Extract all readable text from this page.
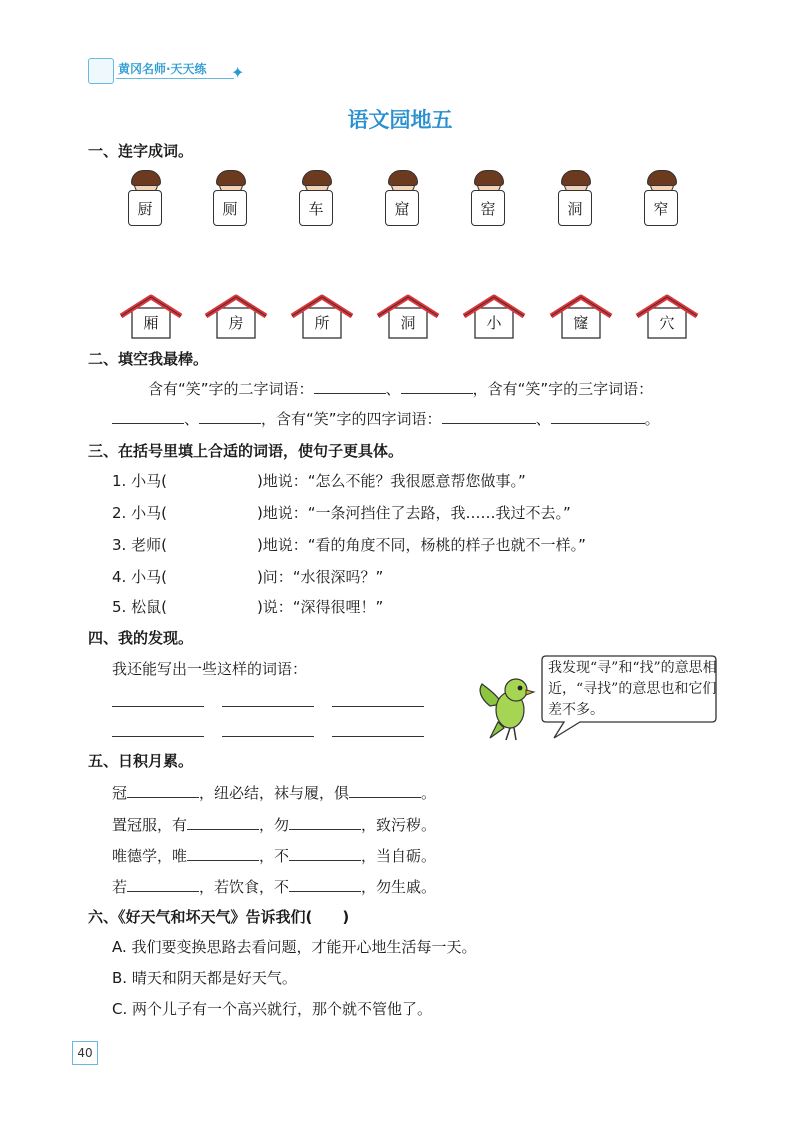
黄冈名师·天天练 ✦
语文园地五
一、连字成词。
厨	厕	车	窟	窑	洞	窄
厢	房	所	洞	小	窿	穴
二、填空我最棒。
含有“笑”字的二字词语：	、	，含有“笑”字的三字词语：
、	，含有“笑”字的四字词语：	、	。
三、在括号里填上合适的词语，使句子更具体。
1. 小马(	)地说：“怎么不能？我很愿意帮您做事。”
2. 小马(	)地说：“一条河挡住了去路，我……我过不去。”
3. 老师(	)地说：“看的角度不同，杨桃的样子也就不一样。”
4. 小马(	)问：“水很深吗？”
5. 松鼠(	)说：“深得很哩！”
四、我的发现。
我还能写出一些这样的词语：	我发现“寻”和“找”的意思相近，“寻找”的意思也和它们差不多。
五、日积月累。
冠	，纽必结，袜与履，俱	。
置冠服，有	，勿	，致污秽。
唯德学，唯	，不	，当自砺。
若	，若饮食，不	，勿生戚。
六、《好天气和坏天气》告诉我们(　　)
A. 我们要变换思路去看问题，才能开心地生活每一天。
B. 晴天和阴天都是好天气。
C. 两个儿子有一个高兴就行，那个就不管他了。
40
